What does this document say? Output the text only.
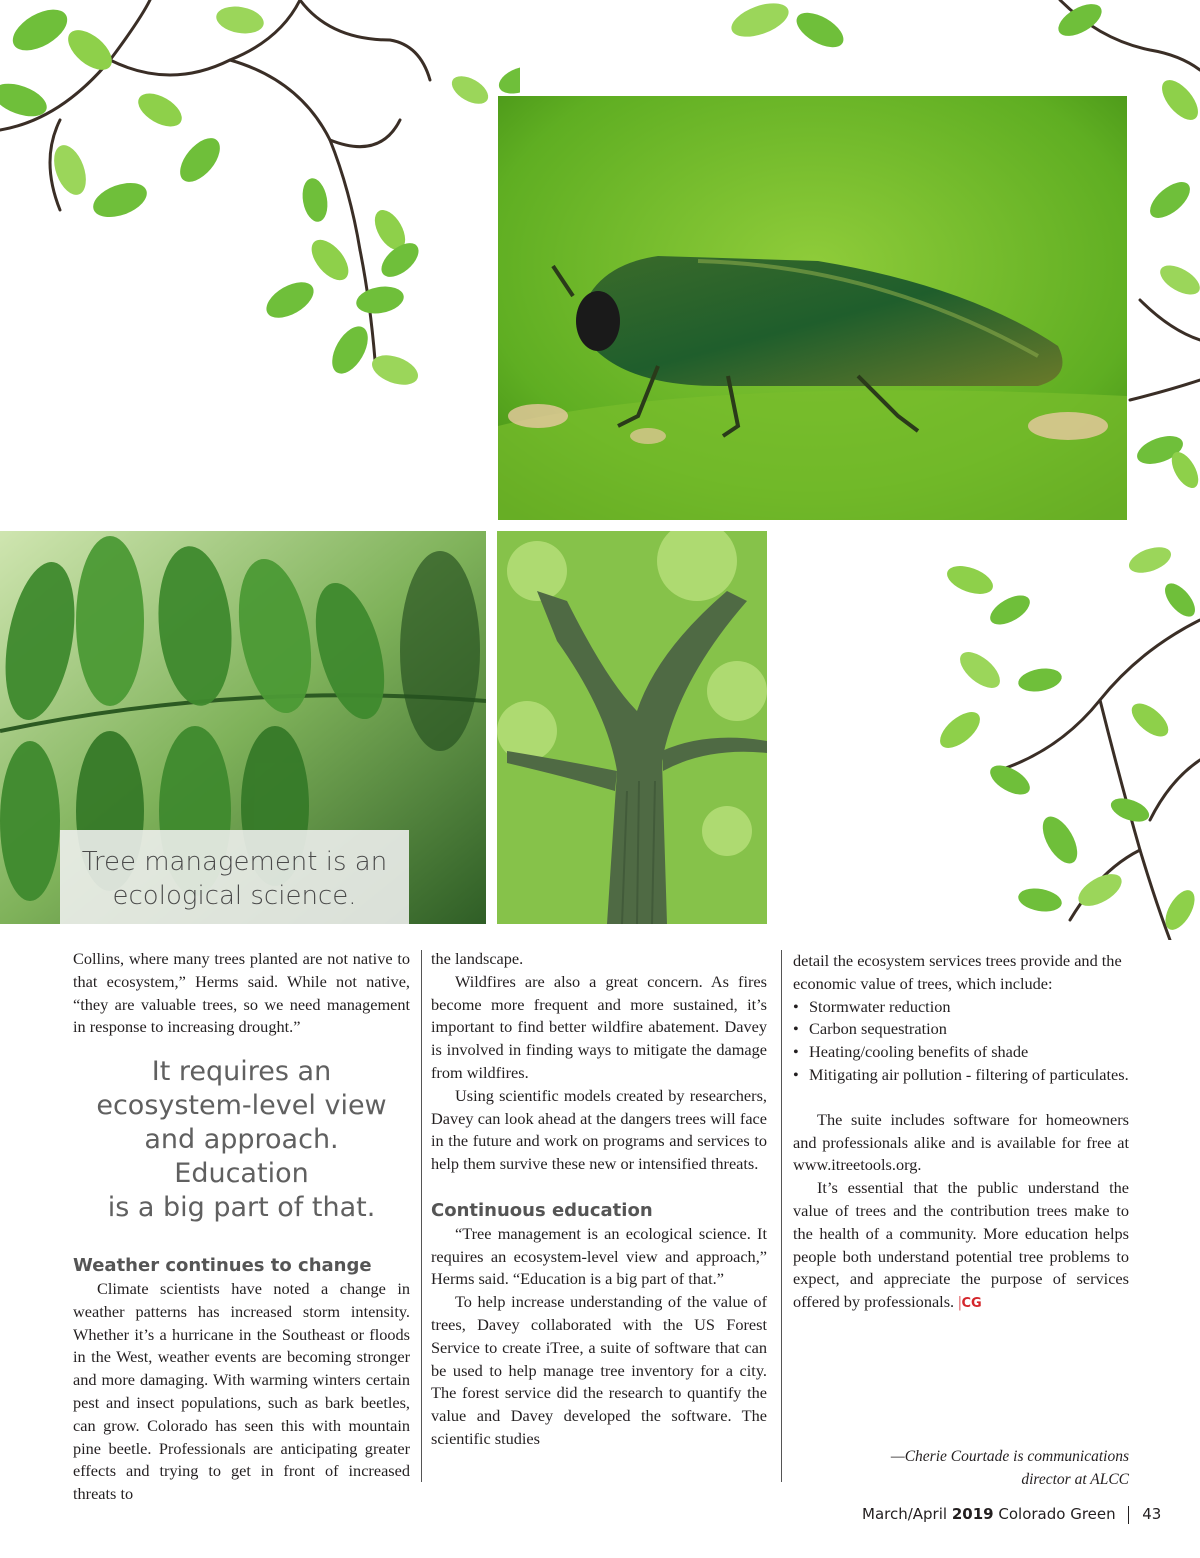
Tree management is an
ecological science.

Collins, where many trees planted are not native to that ecosystem,” Herms said. While not native, “they are valuable trees, so we need management in response to increasing drought.”

It requires an
ecosystem-level view
and approach. Education
is a big part of that.

Weather continues to change

Climate scientists have noted a change in weather patterns has increased storm intensity. Whether it’s a hurricane in the Southeast or floods in the West, weather events are becoming stronger and more damaging. With warming winters certain pest and insect populations, such as bark beetles, can grow. Colorado has seen this with mountain pine beetle. Professionals are anticipating greater effects and trying to get in front of increased threats to

the landscape.

Wildfires are also a great concern. As fires become more frequent and more sustained, it’s important to find better wildfire abatement. Davey is involved in finding ways to mitigate the damage from wildfires.

Using scientific models created by researchers, Davey can look ahead at the dangers trees will face in the future and work on programs and services to help them survive these new or intensified threats.

Continuous education

“Tree management is an ecological science. It requires an ecosystem-level view and approach,” Herms said. “Education is a big part of that.”

To help increase understanding of the value of trees, Davey collaborated with the US Forest Service to create iTree, a suite of software that can be used to help manage tree inventory for a city. The forest service did the research to quantify the value and Davey developed the software. The scientific studies

detail the ecosystem services trees provide and the economic value of trees, which include:

• Stormwater reduction
• Carbon sequestration
• Heating/cooling benefits of shade
• Mitigating air pollution - filtering of particulates.

The suite includes software for homeowners and professionals alike and is available for free at www.itreetools.org.

It’s essential that the public understand the value of trees and the contribution trees make to the health of a community. More education helps people both understand potential tree problems to expect, and appreciate the purpose of services offered by professionals. |CG

—Cherie Courtade is communications
director at ALCC
March/April 2019 Colorado Green 43
